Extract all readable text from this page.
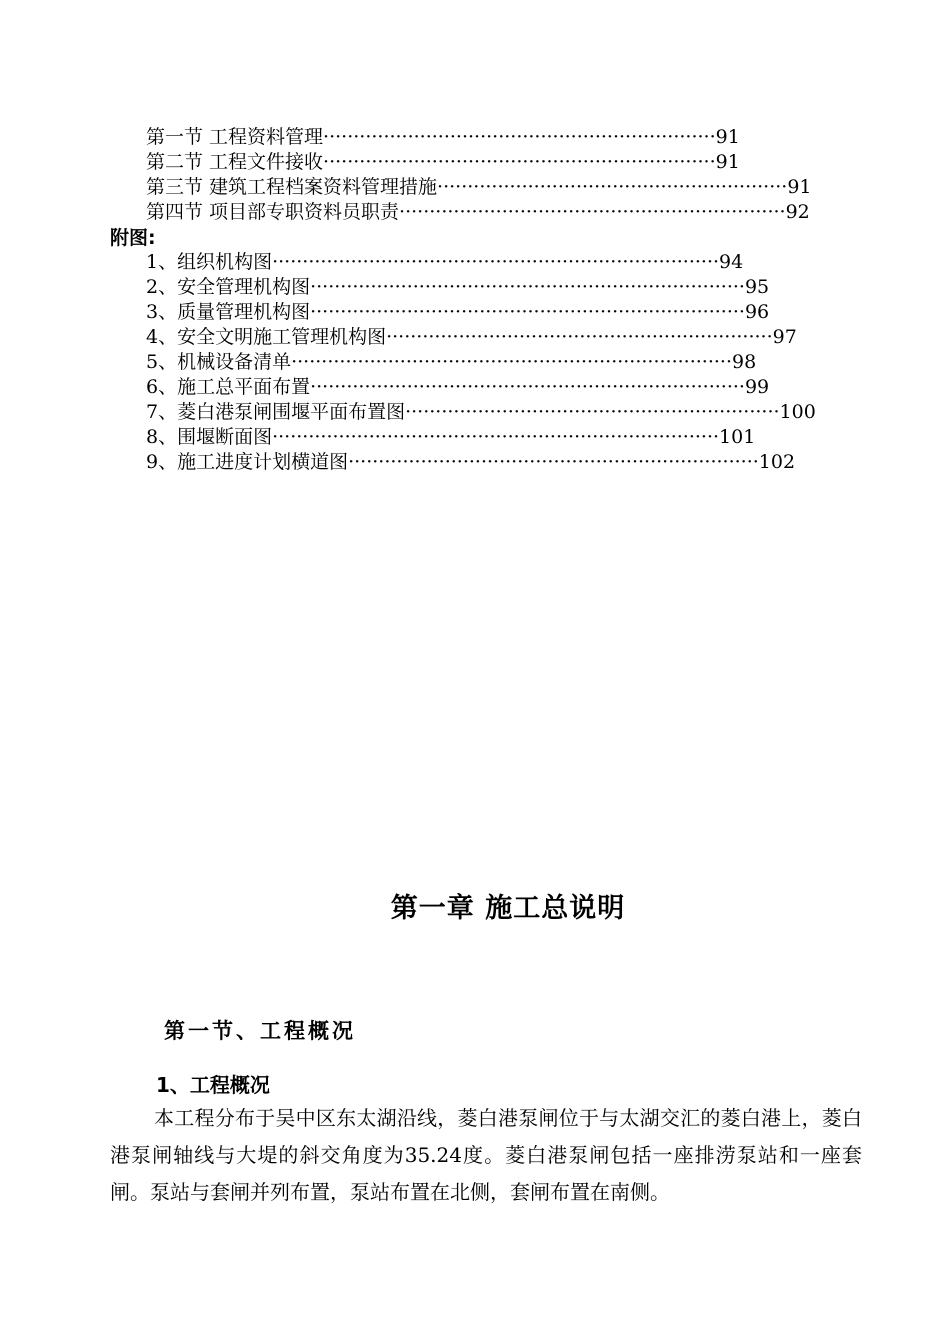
第一节 工程资料管理·································································91
第二节 工程文件接收·································································91
第三节 建筑工程档案资料管理措施··························································91
第四节 项目部专职资料员职责································································92
附图:
1、组织机构图··········································································94
2、安全管理机构图········································································95
3、质量管理机构图········································································96
4、安全文明施工管理机构图································································97
5、机械设备清单·········································································98
6、施工总平面布置········································································99
7、菱白港泵闸围堰平面布置图······························································100
8、围堰断面图··········································································101
9、施工进度计划横道图····································································102
第一章 施工总说明
第一节、工程概况
1、工程概况

本工程分布于吴中区东太湖沿线，菱白港泵闸位于与太湖交汇的菱白港上，菱白港泵闸轴线与大堤的斜交角度为35.24度。菱白港泵闸包括一座排涝泵站和一座套闸。泵站与套闸并列布置，泵站布置在北侧，套闸布置在南侧。
